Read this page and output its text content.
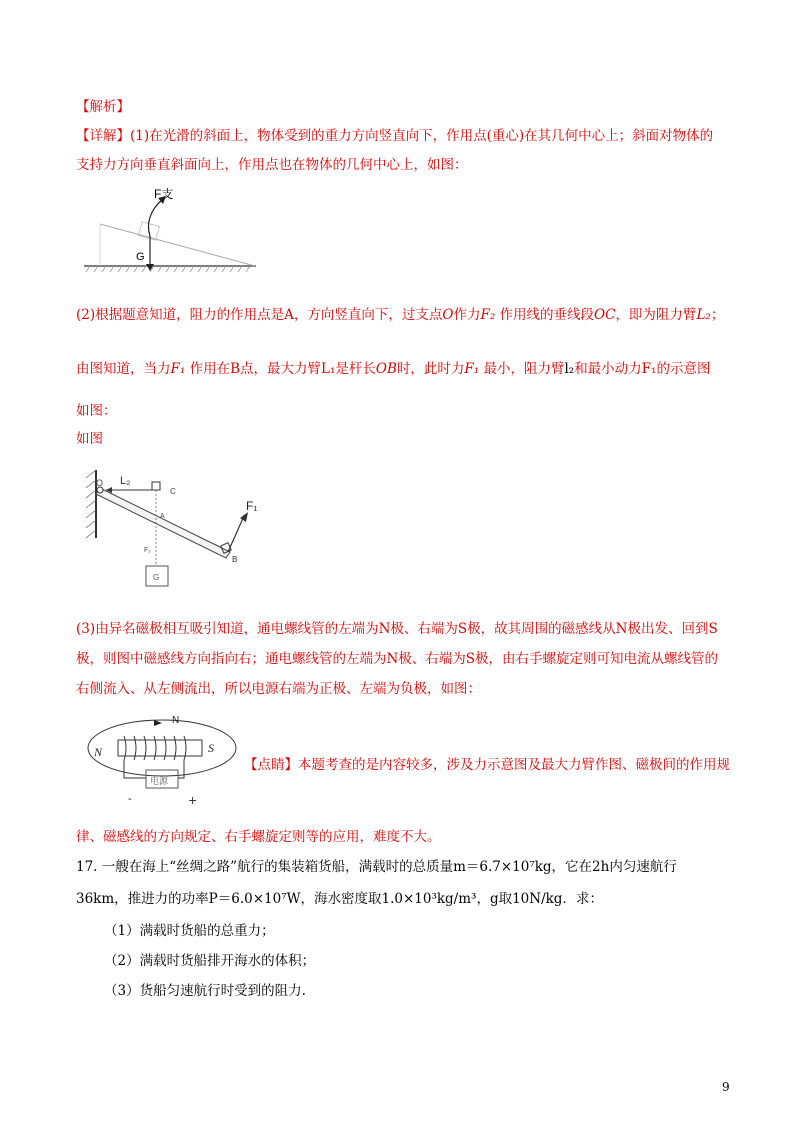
【解析】

【详解】(1)在光滑的斜面上，物体受到的重力方向竖直向下，作用点(重心)在其几何中心上；斜面对物体的

支持力方向垂直斜面向上，作用点也在物体的几何中心上，如图：

F支
G

(2)根据题意知道，阻力的作用点是A，方向竖直向下，过支点O作力F₂ 作用线的垂线段OC，即为阻力臂L₂；

由图知道，当力F₁ 作用在B点，最大力臂L₁是杆长OB时，此时力F₁ 最小，阻力臂l₂和最小动力F₁的示意图

如图：

如图

O L₂
C
A
F₂
G
F₁
B

(3)由异名磁极相互吸引知道，通电螺线管的左端为N极、右端为S极，故其周围的磁感线从N极出发、回到S

极，则图中磁感线方向指向右；通电螺线管的左端为N极、右端为S极，由右手螺旋定则可知电流从螺线管的

右侧流入、从左侧流出，所以电源右端为正极、左端为负极，如图：

电源
N
N	S
-	+

【点睛】本题考查的是内容较多，涉及力示意图及最大力臂作图、磁极间的作用规

律、磁感线的方向规定、右手螺旋定则等的应用，难度不大。

17. 一艘在海上“丝绸之路”航行的集装箱货船，满载时的总质量m＝6.7×10⁷kg，它在2h内匀速航行

36km，推进力的功率P＝6.0×10⁷W，海水密度取1.0×10³kg/m³，g取10N/kg．求：

（1）满载时货船的总重力；

（2）满载时货船排开海水的体积；

（3）货船匀速航行时受到的阻力.

9
